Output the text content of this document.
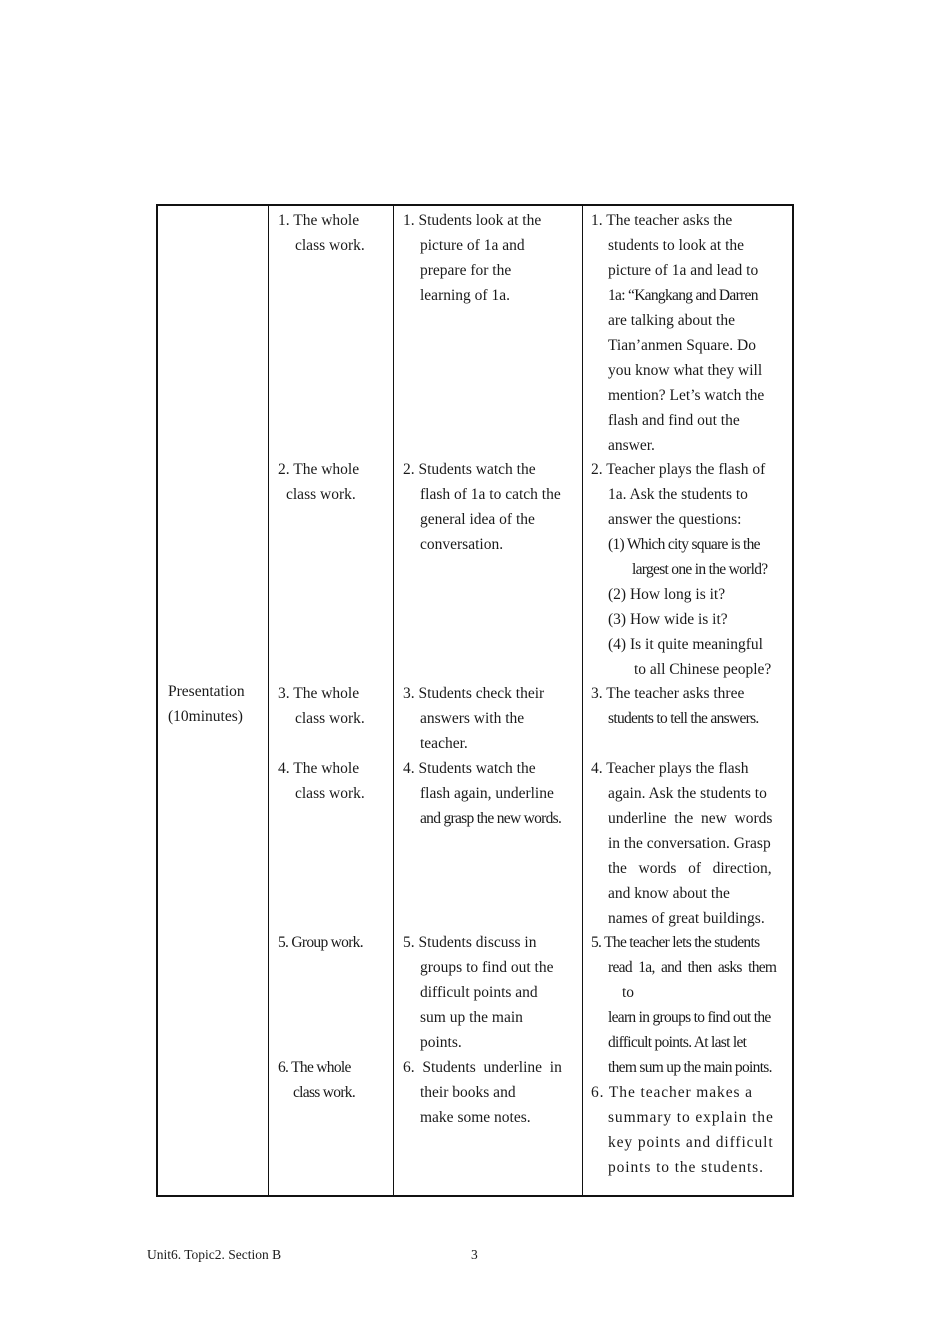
Presentation
(10minutes)
1. The whole
class work.
1. Students look at the
picture of 1a and
prepare for the
learning of 1a.
1. The teacher asks the
students to look at the
picture of 1a and lead to
1a: “Kangkang and Darren
are talking about the
Tian’anmen Square. Do
you know what they will
mention? Let’s watch the
flash and find out the
answer.
2. The whole
class work.
2. Students watch the
flash of 1a to catch the
general idea of the
conversation.
2. Teacher plays the flash of
1a. Ask the students to
answer the questions:
(1) Which city square is the
largest one in the world?
(2) How long is it?
(3) How wide is it?
(4) Is it quite meaningful
to all Chinese people?
3. The whole
class work.
3. Students check their
answers with the
teacher.
3. The teacher asks three
students to tell the answers.
4. The whole
class work.
4. Students watch the
flash again, underline
and grasp the new words.
4. Teacher plays the flash
again. Ask the students to
underline  the  new  words
in the conversation. Grasp
the   words   of   direction,
and know about the
names of great buildings.
5. Group work.	5. Students discuss in
groups to find out the
difficult points and
sum up the main
points.
5. The teacher lets the students
read  1a,  and  then  asks  them
to
learn in groups to find out the
difficult points. At last let
them sum up the main points.
6. The whole
class work.
6.  Students  underline  in
their books and
make some notes.
6. The teacher makes a
summary to explain the
key points and difficult
points to the students.
Unit6. Topic2. Section B	3
